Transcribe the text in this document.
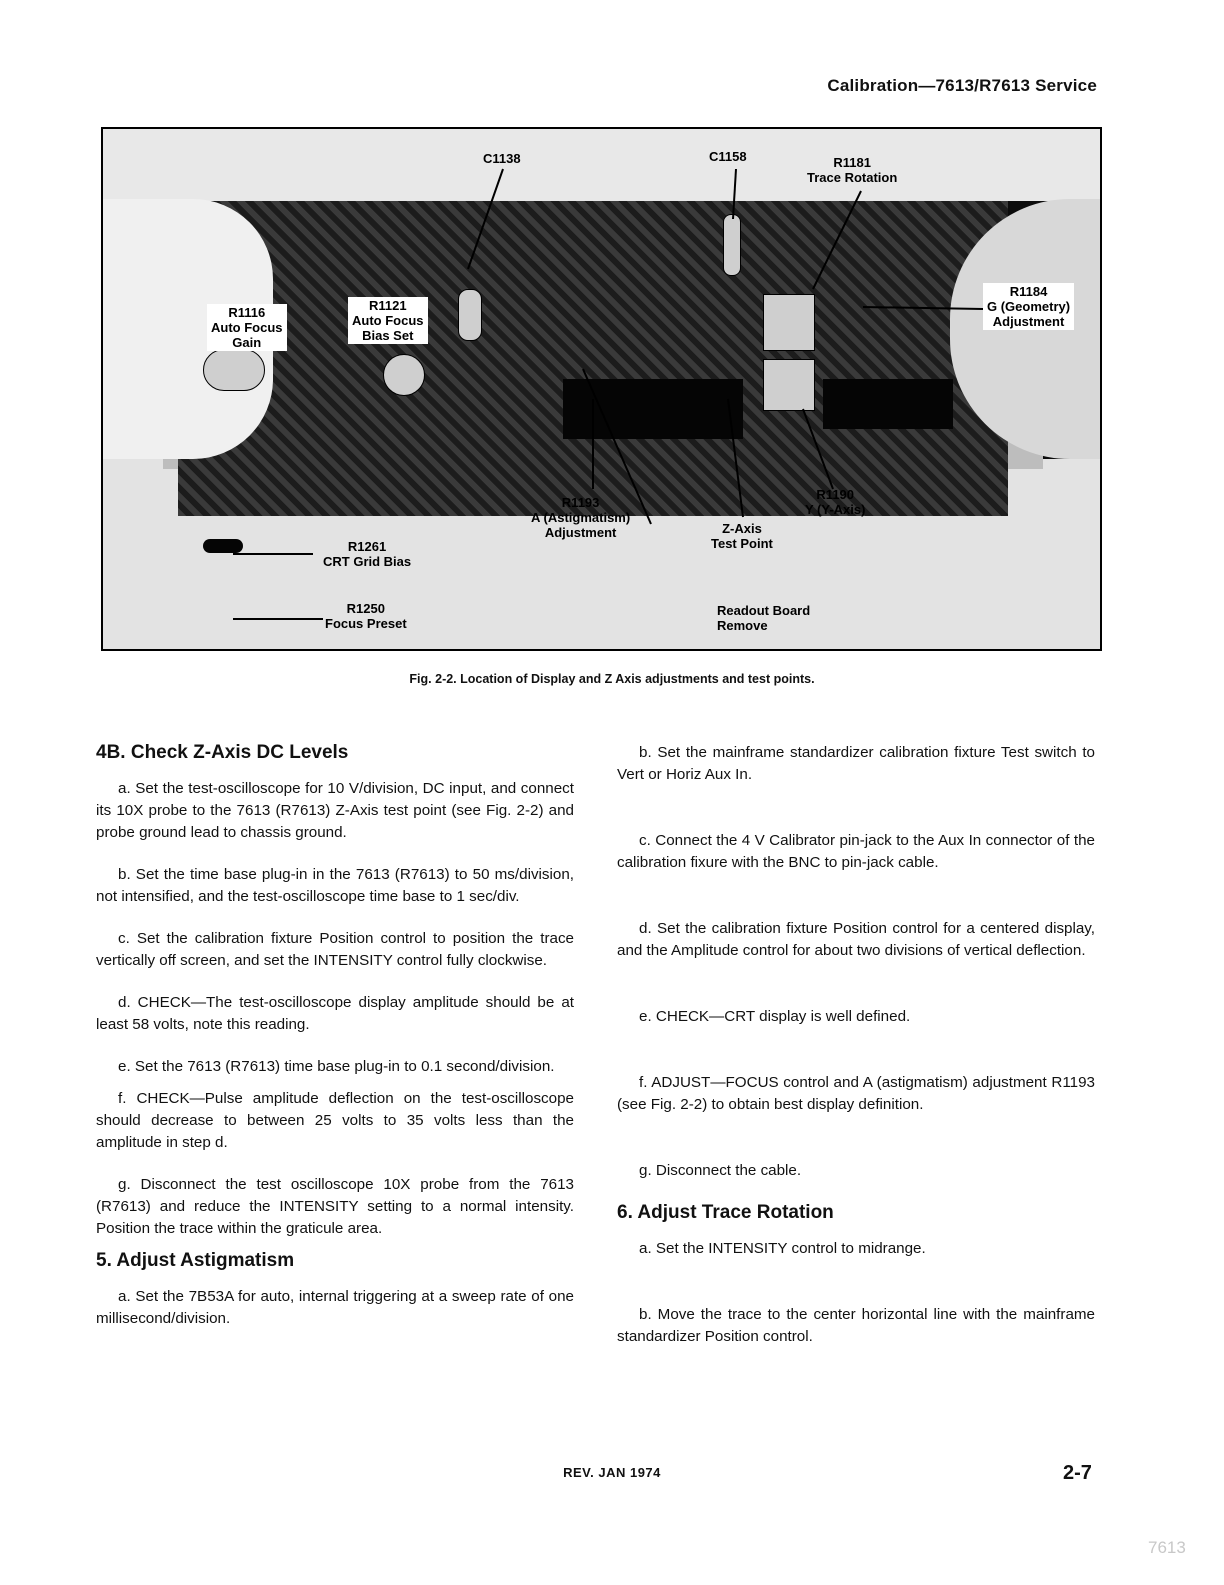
Calibration—7613/R7613 Service
C1138	C1158	R1181
Trace Rotation
R1116
Auto Focus
Gain
R1121
Auto Focus
Bias Set
R1184
G (Geometry)
Adjustment
R1193
A (Astigmatism)
Adjustment	Z-Axis
Test Point
R1190
Y (Y-Axis)
R1261
CRT Grid Bias
R1250
Focus Preset
Readout Board
Remove
Fig. 2-2. Location of Display and Z Axis adjustments and test points.
4B. Check Z-Axis DC Levels

a. Set the test-oscilloscope for 10 V/division, DC input, and connect its 10X probe to the 7613 (R7613) Z-Axis test point (see Fig. 2-2) and probe ground lead to chassis ground.

b. Set the time base plug-in in the 7613 (R7613) to 50 ms/division, not intensified, and the test-oscilloscope time base to 1 sec/div.

c. Set the calibration fixture Position control to position the trace vertically off screen, and set the INTENSITY control fully clockwise.

d. CHECK—The test-oscilloscope display amplitude should be at least 58 volts, note this reading.

e. Set the 7613 (R7613) time base plug-in to 0.1 second/division.

f. CHECK—Pulse amplitude deflection on the test-oscilloscope should decrease to between 25 volts to 35 volts less than the amplitude in step d.

g. Disconnect the test oscilloscope 10X probe from the 7613 (R7613) and reduce the INTENSITY setting to a normal intensity. Position the trace within the graticule area.

5. Adjust Astigmatism

a. Set the 7B53A for auto, internal triggering at a sweep rate of one millisecond/division.

b. Set the mainframe standardizer calibration fixture Test switch to Vert or Horiz Aux In.

c. Connect the 4 V Calibrator pin-jack to the Aux In connector of the calibration fixure with the BNC to pin-jack cable.

d. Set the calibration fixture Position control for a centered display, and the Amplitude control for about two divisions of vertical deflection.

e. CHECK—CRT display is well defined.

f. ADJUST—FOCUS control and A (astigmatism) adjustment R1193 (see Fig. 2-2) to obtain best display definition.

g. Disconnect the cable.

6. Adjust Trace Rotation

a. Set the INTENSITY control to midrange.

b. Move the trace to the center horizontal line with the mainframe standardizer Position control.

REV. JAN 1974	2-7
7613
